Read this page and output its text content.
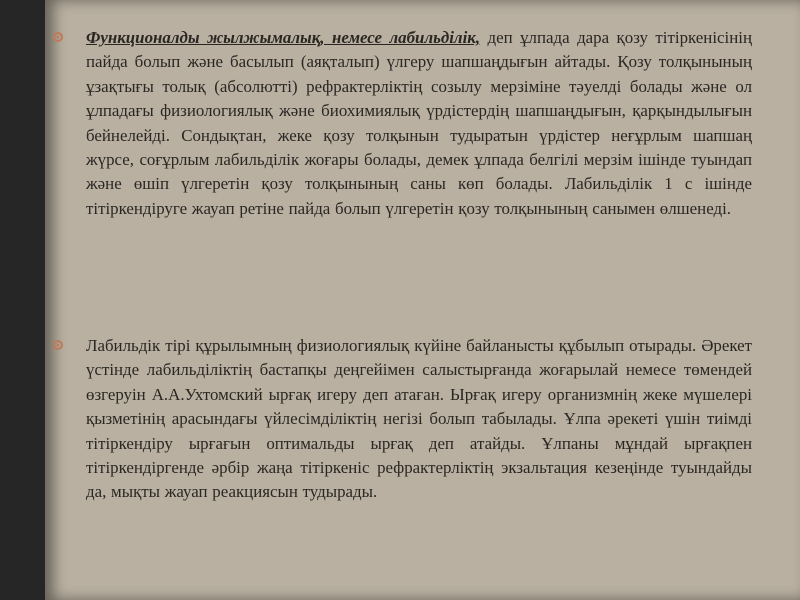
Функционалды жылжымалық, немесе лабильділік, деп ұлпада дара қозу тітіркенісінің пайда болып және басылып (аяқталып) үлгеру шапшаңдығын айтады. Қозу толқынының ұзақтығы толық (абсолютті) рефрактерліктің созылу мерзіміне тәуелді болады және ол ұлпадағы физиологиялық және биохимиялық үрдістердің шапшаңдығын, қарқындылығын бейнелейді. Сондықтан, жеке қозу толқынын тудыратын үрдістер неғұрлым шапшаң жүрсе, соғұрлым лабильділік жоғары болады, демек ұлпада белгілі мерзім ішінде туындап және өшіп үлгеретін қозу толқынының саны көп болады. Лабильділік 1 с ішінде тітіркендіруге жауап ретіне пайда болып үлгеретін қозу толқынының санымен өлшенеді.

Лабильдік тірі құрылымның физиологиялық күйіне байланысты құбылып отырады. Әрекет үстінде лабильділіктің бастапқы деңгейімен салыстырғанда жоғарылай немесе төмендей өзгеруін А.А.Ухтомский ырғақ игеру деп атаған. Ырғақ игеру организмнің жеке мүшелері қызметінің арасындағы үйлесімділіктің негізі болып табылады. Ұлпа әрекеті үшін тиімді тітіркендіру ырғағын оптимальды ырғақ деп атайды. Ұлпаны мұндай ырғақпен тітіркендіргенде әрбір жаңа тітіркеніс рефрактерліктің экзальтация кезеңінде туындайды да, мықты жауап реакциясын тудырады.
